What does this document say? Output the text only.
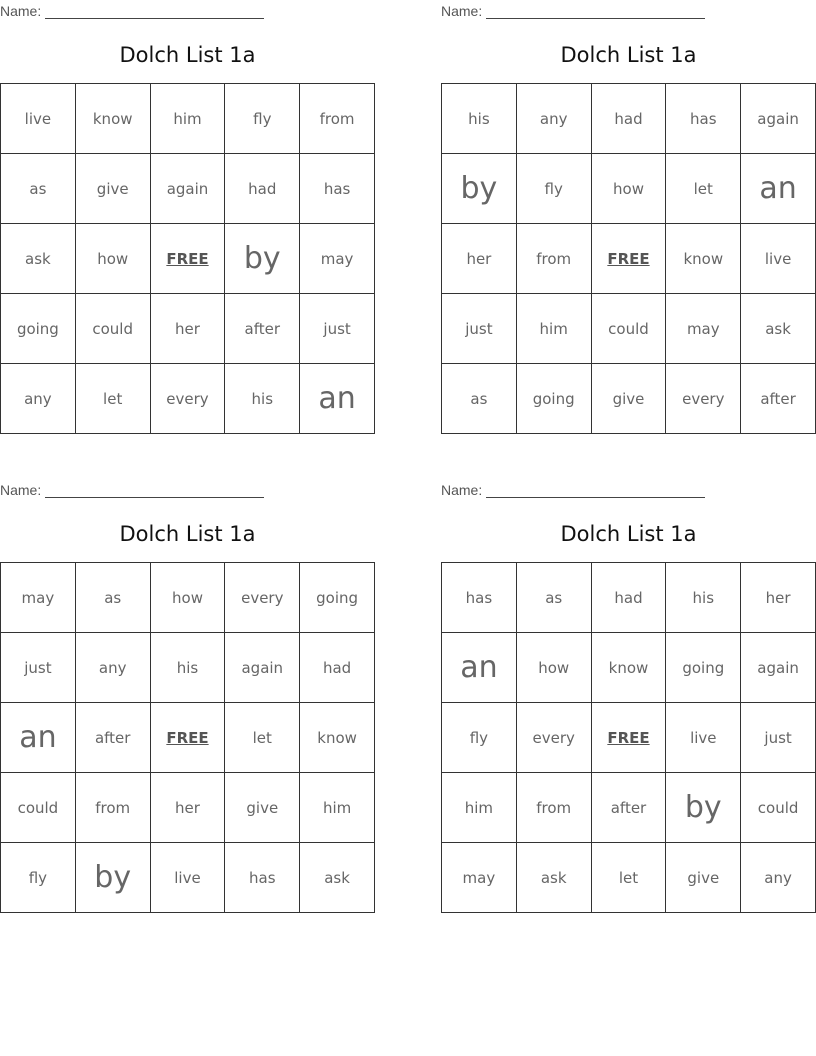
Name:
Dolch List 1a
live	know	him	fly	from
as	give	again	had	has
ask	how	FREE	by	may
going	could	her	after	just
any	let	every	his	an
Name:
Dolch List 1a
his	any	had	has	again
by	fly	how	let	an
her	from	FREE	know	live
just	him	could	may	ask
as	going	give	every	after
Name:
Dolch List 1a
may	as	how	every	going
just	any	his	again	had
an	after	FREE	let	know
could	from	her	give	him
fly	by	live	has	ask
Name:
Dolch List 1a
has	as	had	his	her
an	how	know	going	again
fly	every	FREE	live	just
him	from	after	by	could
may	ask	let	give	any
